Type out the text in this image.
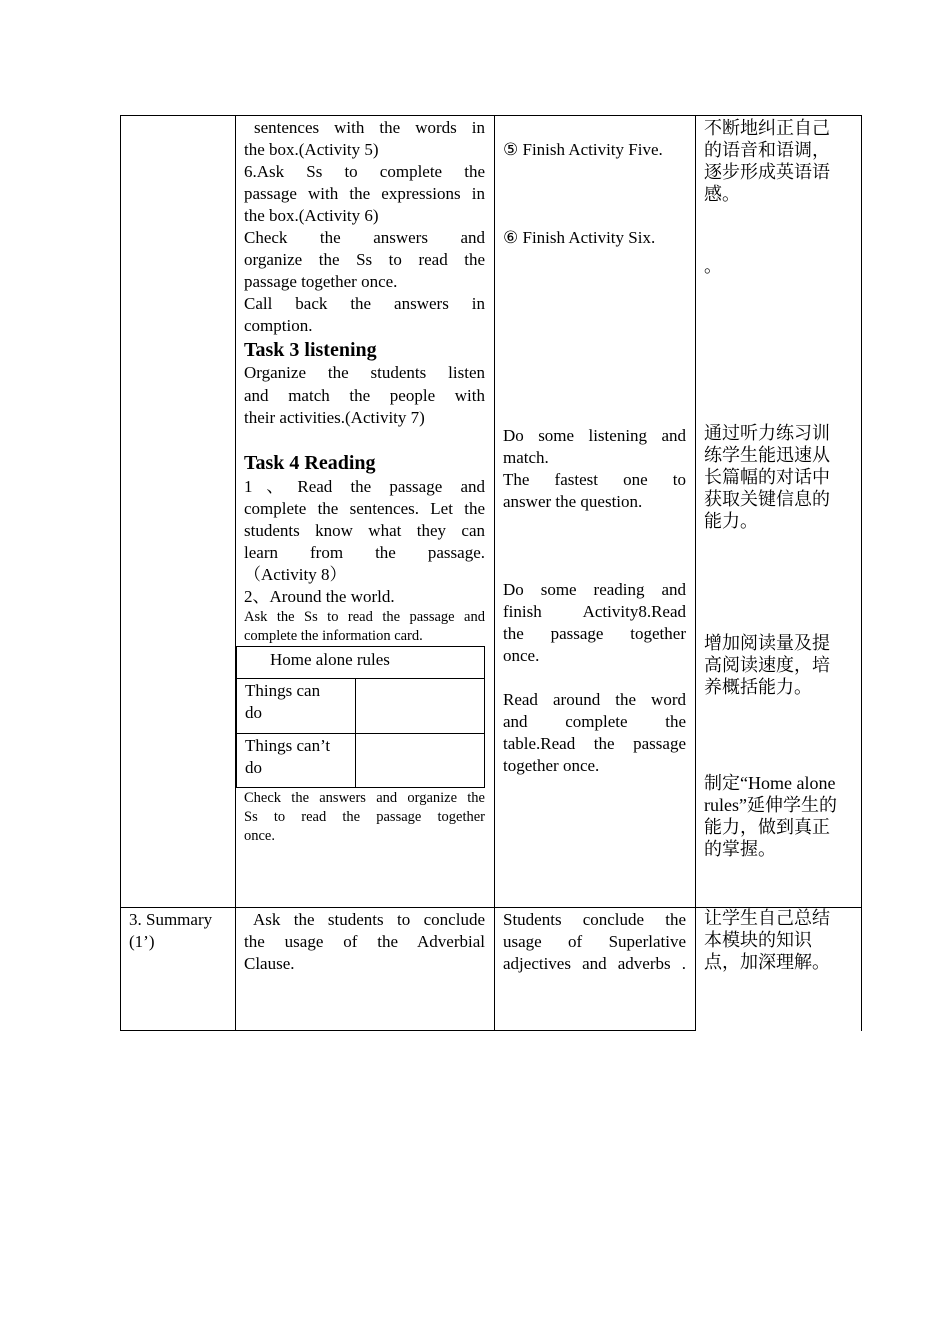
sentences with the words in
the box.(Activity 5)
6.Ask Ss to complete the
passage with the expressions in
the box.(Activity 6)
Check the answers and
organize the Ss to read the
passage together once.
Call back the answers in
comption.
Task 3 listening
Organize the students listen
and match the people with
their activities.(Activity 7)
Task 4 Reading
1、Read the passage and
complete the sentences. Let the
students know what they can
learn from the passage.
（Activity 8）
2、Around the world.
Ask the Ss to read the passage and
complete the information card.
Home alone rules
Things can
do
Things can’t
do
Check the answers and organize the
Ss to read the passage together
once.
⑤ Finish Activity Five.
⑥ Finish Activity Six.
Do some listening and
match.
The fastest one to
answer the question.
Do some reading and
finish Activity8.Read
the passage together
once.
Read around the word
and complete the
table.Read the passage
together once.
不断地纠正自己
的语音和语调，
逐步形成英语语
感。
。
通过听力练习训
练学生能迅速从
长篇幅的对话中
获取关键信息的
能力。
增加阅读量及提
高阅读速度，培
养概括能力。
制定“Home alone
rules”延伸学生的
能力，做到真正
的掌握。
3. Summary
(1’)
Ask the students to conclude
the usage of the Adverbial
Clause.
Students conclude the
usage of Superlative
adjectives and adverbs .
让学生自己总结
本模块的知识
点，加深理解。
